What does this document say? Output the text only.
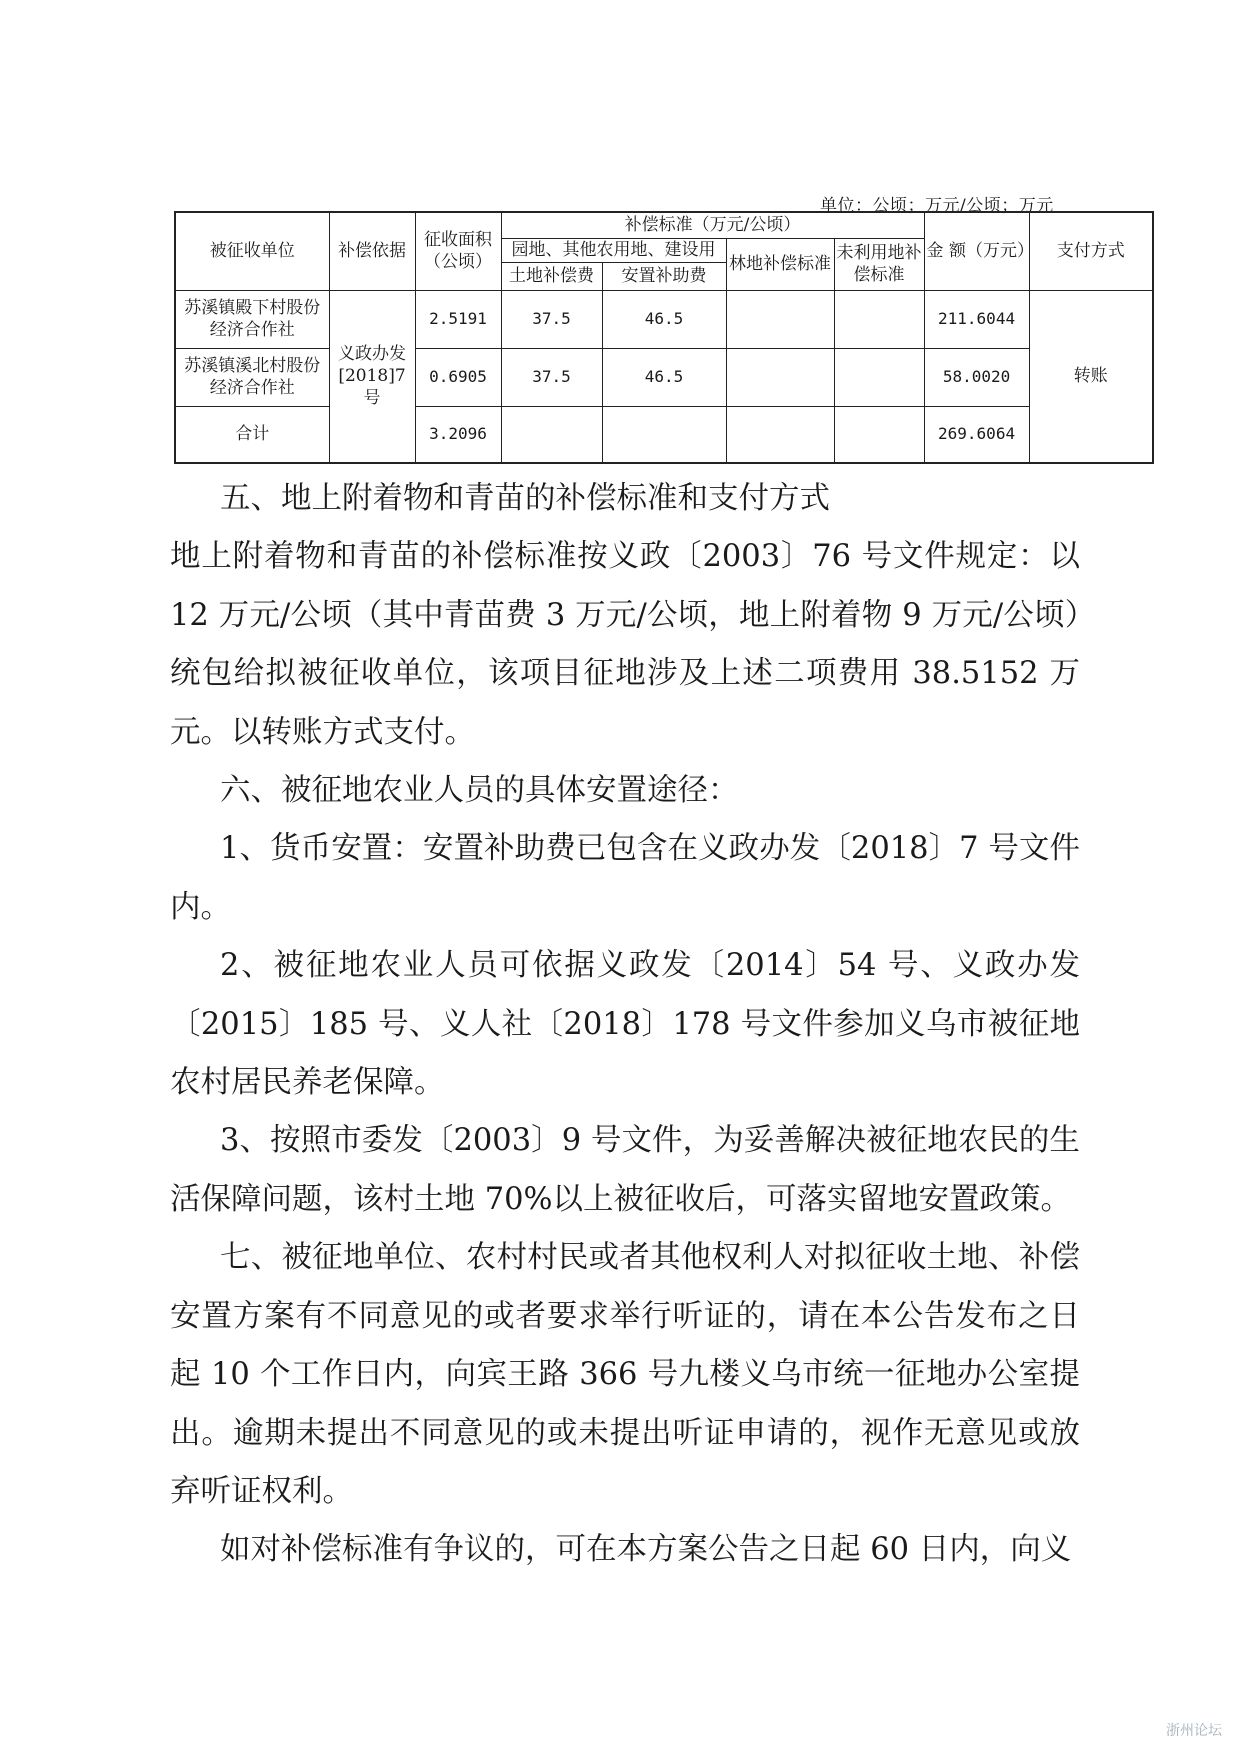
单位：公顷；万元/公顷；万元
被征收单位	补偿依据	征收面积（公顷）	补偿标准（万元/公顷）				金 额（万元）	支付方式
			园地、其他农用地、建设用		林地补偿标准	未利用地补偿标准		
			土地补偿费	安置补助费				
苏溪镇殿下村股份经济合作社	义政办发[2018]7号	2.5191	37.5	46.5			211.6044	转账
苏溪镇溪北村股份经济合作社		0.6905	37.5	46.5			58.0020	
合计		3.2096					269.6064	

五、地上附着物和青苗的补偿标准和支付方式

地上附着物和青苗的补偿标准按义政〔2003〕76 号文件规定：以 12 万元/公顷（其中青苗费 3 万元/公顷，地上附着物 9 万元/公顷）统包给拟被征收单位，该项目征地涉及上述二项费用 38.5152 万元。以转账方式支付。

六、被征地农业人员的具体安置途径：

1、货币安置：安置补助费已包含在义政办发〔2018〕7 号文件内。

2、被征地农业人员可依据义政发〔2014〕54 号、义政办发〔2015〕185 号、义人社〔2018〕178 号文件参加义乌市被征地农村居民养老保障。

3、按照市委发〔2003〕9 号文件，为妥善解决被征地农民的生活保障问题，该村土地 70%以上被征收后，可落实留地安置政策。

七、被征地单位、农村村民或者其他权利人对拟征收土地、补偿安置方案有不同意见的或者要求举行听证的，请在本公告发布之日起 10 个工作日内，向宾王路 366 号九楼义乌市统一征地办公室提出。逾期未提出不同意见的或未提出听证申请的，视作无意见或放弃听证权利。

如对补偿标准有争议的，可在本方案公告之日起 60 日内，向义

浙州论坛
